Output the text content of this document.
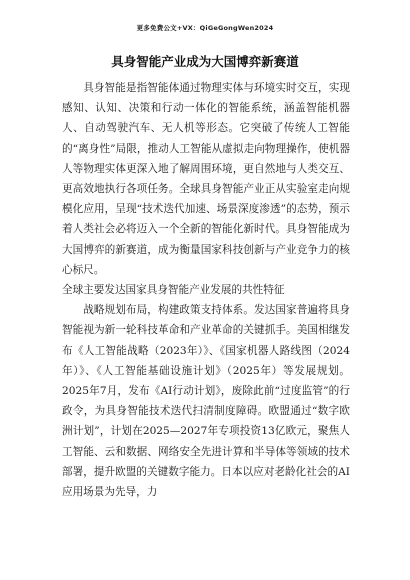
更多免费公文+VX：QiGeGongWen2024
具身智能产业成为大国博弈新赛道

具身智能是指智能体通过物理实体与环境实时交互，实现感知、认知、决策和行动一体化的智能系统，涵盖智能机器人、自动驾驶汽车、无人机等形态。它突破了传统人工智能的“离身性”局限，推动人工智能从虚拟走向物理操作，使机器人等物理实体更深入地了解周围环境，更自然地与人类交互、更高效地执行各项任务。全球具身智能产业正从实验室走向规模化应用，呈现“技术迭代加速、场景深度渗透”的态势，预示着人类社会必将迈入一个全新的智能化新时代。具身智能成为大国博弈的新赛道，成为衡量国家科技创新与产业竞争力的核心标尺。

全球主要发达国家具身智能产业发展的共性特征

战略规划布局，构建政策支持体系。发达国家普遍将具身智能视为新一轮科技革命和产业革命的关键抓手。美国相继发布《人工智能战略（2023年）》、《国家机器人路线图（2024年）》、《人工智能基础设施计划》（2025年）等发展规划。2025年7月，发布《AI行动计划》，废除此前“过度监管”的行政令，为具身智能技术迭代扫清制度障碍。欧盟通过“数字欧洲计划”，计划在2025—2027年专项投资13亿欧元，聚焦人工智能、云和数据、网络安全先进计算和半导体等领域的技术部署，提升欧盟的关键数字能力。日本以应对老龄化社会的AI应用场景为先导，力
